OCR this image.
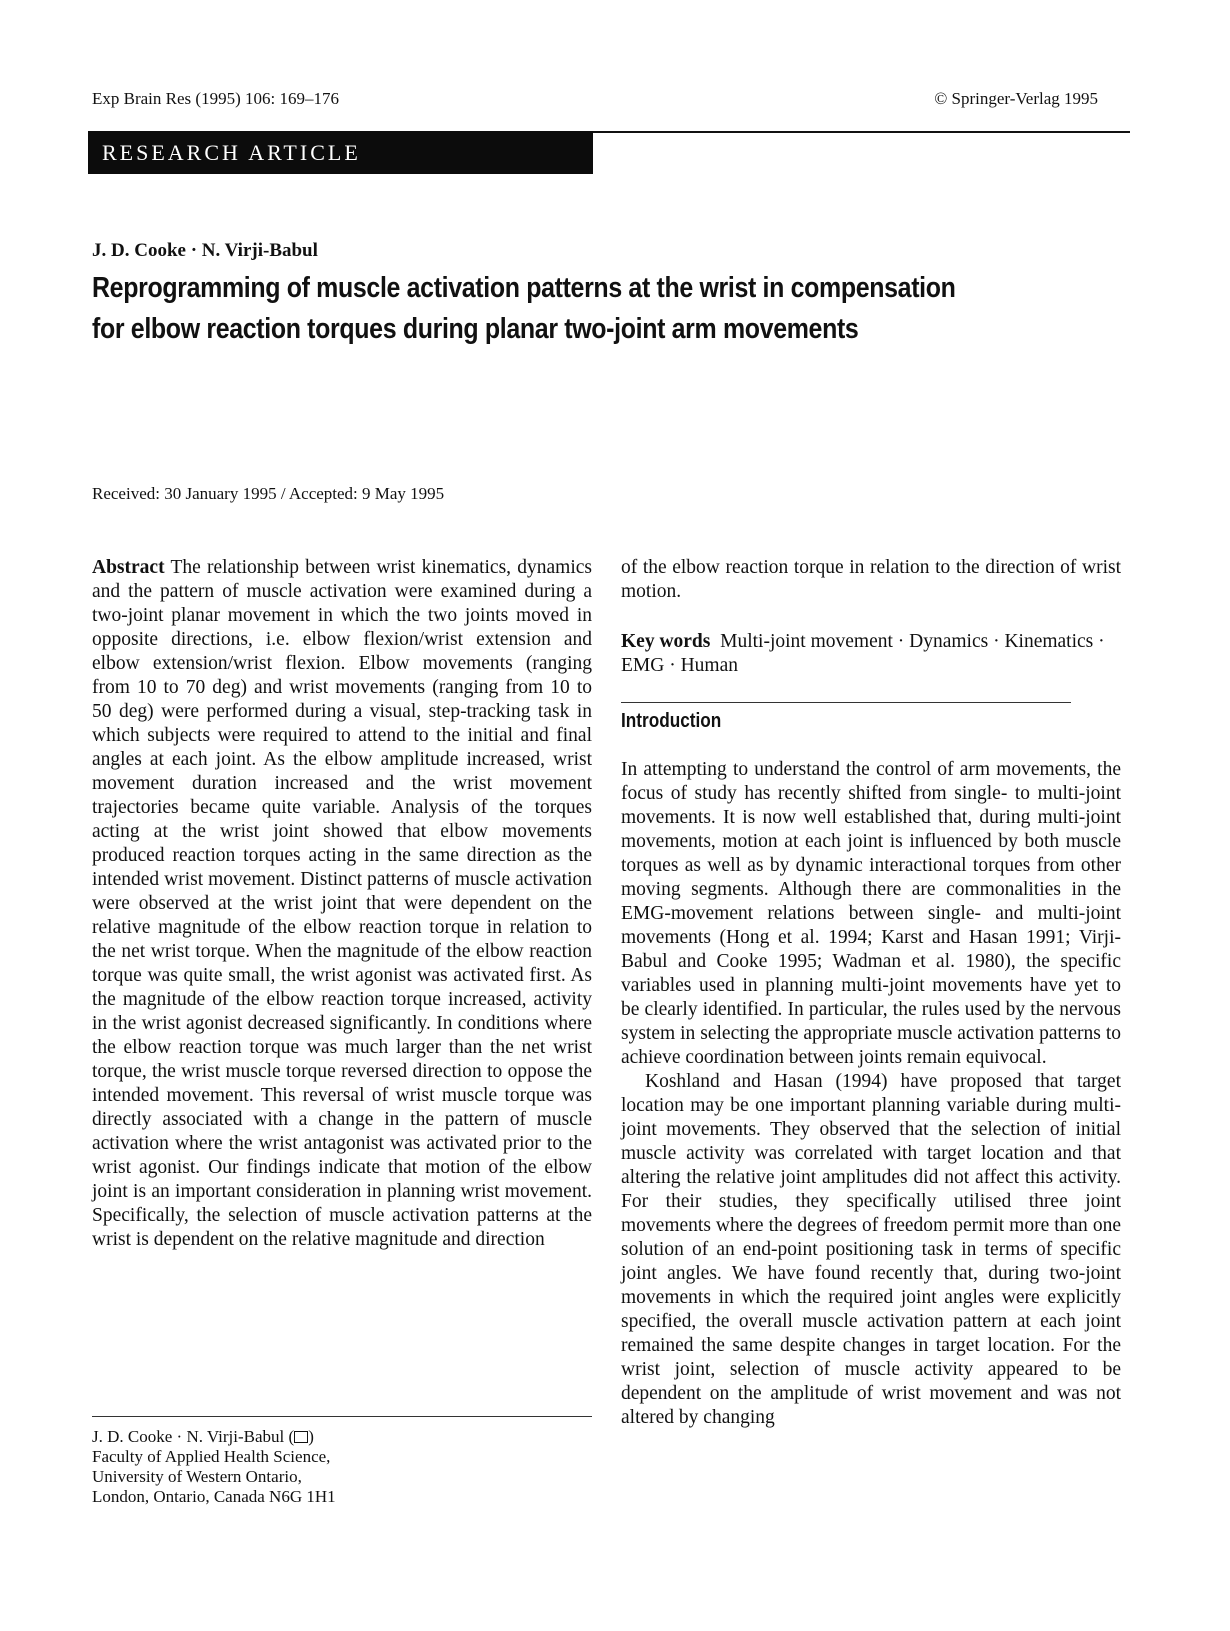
Exp Brain Res (1995) 106: 169–176	© Springer-Verlag 1995
RESEARCH ARTICLE
J. D. Cooke · N. Virji-Babul
Reprogramming of muscle activation patterns at the wrist in compensation
for elbow reaction torques during planar two-joint arm movements
Received: 30 January 1995 / Accepted: 9 May 1995
Abstract The relationship between wrist kinematics, dynamics and the pattern of muscle activation were examined during a two-joint planar movement in which the two joints moved in opposite directions, i.e. elbow flexion/wrist extension and elbow extension/wrist flexion. Elbow movements (ranging from 10 to 70 deg) and wrist movements (ranging from 10 to 50 deg) were performed during a visual, step-tracking task in which subjects were required to attend to the initial and final angles at each joint. As the elbow amplitude increased, wrist movement duration increased and the wrist movement trajectories became quite variable. Analysis of the torques acting at the wrist joint showed that elbow movements produced reaction torques acting in the same direction as the intended wrist movement. Distinct patterns of muscle activation were observed at the wrist joint that were dependent on the relative magnitude of the elbow reaction torque in relation to the net wrist torque. When the magnitude of the elbow reaction torque was quite small, the wrist agonist was activated first. As the magnitude of the elbow reaction torque increased, activity in the wrist agonist decreased significantly. In conditions where the elbow reaction torque was much larger than the net wrist torque, the wrist muscle torque reversed direction to oppose the intended movement. This reversal of wrist muscle torque was directly associated with a change in the pattern of muscle activation where the wrist antagonist was activated prior to the wrist agonist. Our findings indicate that motion of the elbow joint is an important consideration in planning wrist movement. Specifically, the selection of muscle activation patterns at the wrist is dependent on the relative magnitude and direction
of the elbow reaction torque in relation to the direction of wrist motion.
Key words Multi-joint movement · Dynamics · Kinematics · EMG · Human
Introduction

In attempting to understand the control of arm movements, the focus of study has recently shifted from single- to multi-joint movements. It is now well established that, during multi-joint movements, motion at each joint is influenced by both muscle torques as well as by dynamic interactional torques from other moving segments. Although there are commonalities in the EMG-movement relations between single- and multi-joint movements (Hong et al. 1994; Karst and Hasan 1991; Virji-Babul and Cooke 1995; Wadman et al. 1980), the specific variables used in planning multi-joint movements have yet to be clearly identified. In particular, the rules used by the nervous system in selecting the appropriate muscle activation patterns to achieve coordination between joints remain equivocal.

Koshland and Hasan (1994) have proposed that target location may be one important planning variable during multi-joint movements. They observed that the selection of initial muscle activity was correlated with target location and that altering the relative joint amplitudes did not affect this activity. For their studies, they specifically utilised three joint movements where the degrees of freedom permit more than one solution of an end-point positioning task in terms of specific joint angles. We have found recently that, during two-joint movements in which the required joint angles were explicitly specified, the overall muscle activation pattern at each joint remained the same despite changes in target location. For the wrist joint, selection of muscle activity appeared to be dependent on the amplitude of wrist movement and was not altered by changing

J. D. Cooke · N. Virji-Babul ( )
Faculty of Applied Health Science,
University of Western Ontario,
London, Ontario, Canada N6G 1H1
